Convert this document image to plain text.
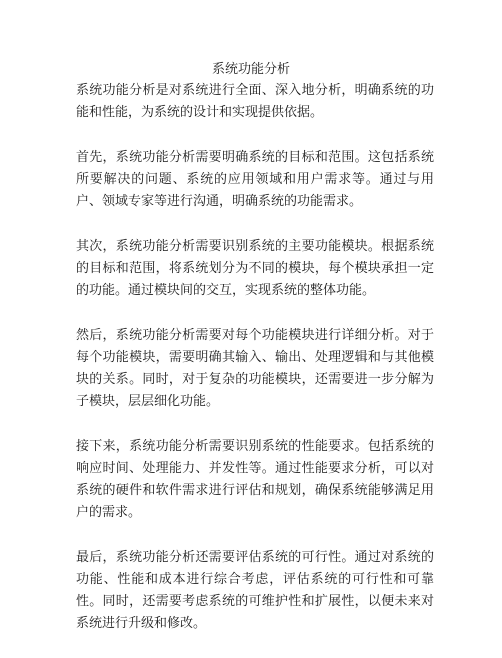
系统功能分析

系统功能分析是对系统进行全面、深入地分析，明确系统的功能和性能，为系统的设计和实现提供依据。

首先，系统功能分析需要明确系统的目标和范围。这包括系统所要解决的问题、系统的应用领域和用户需求等。通过与用户、领域专家等进行沟通，明确系统的功能需求。

其次，系统功能分析需要识别系统的主要功能模块。根据系统的目标和范围，将系统划分为不同的模块，每个模块承担一定的功能。通过模块间的交互，实现系统的整体功能。

然后，系统功能分析需要对每个功能模块进行详细分析。对于每个功能模块，需要明确其输入、输出、处理逻辑和与其他模块的关系。同时，对于复杂的功能模块，还需要进一步分解为子模块，层层细化功能。

接下来，系统功能分析需要识别系统的性能要求。包括系统的响应时间、处理能力、并发性等。通过性能要求分析，可以对系统的硬件和软件需求进行评估和规划，确保系统能够满足用户的需求。

最后，系统功能分析还需要评估系统的可行性。通过对系统的功能、性能和成本进行综合考虑，评估系统的可行性和可靠性。同时，还需要考虑系统的可维护性和扩展性，以便未来对系统进行升级和修改。
